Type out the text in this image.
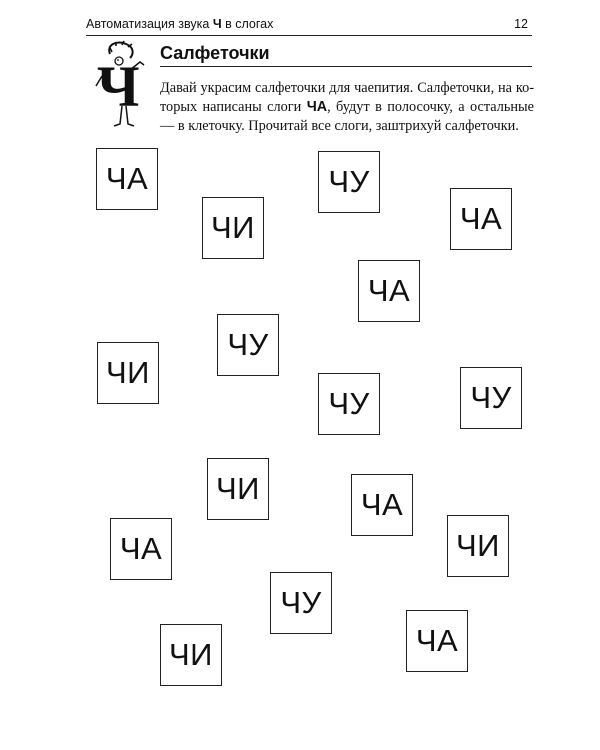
Автоматизация звука Ч в слогах	12
Ч
Салфеточки
Давай украсим салфеточки для чаепития. Салфеточки, на ко-торых написаны слоги ЧА, будут в полосочку, а остальные — в клеточку. Прочитай все слоги, заштрихуй салфеточки.
ЧА	ЧУ
ЧИ	ЧА
ЧА
ЧУ
ЧИ
ЧУ	ЧУ
ЧИ	ЧА
ЧА	ЧИ
ЧУ
ЧИ	ЧА
